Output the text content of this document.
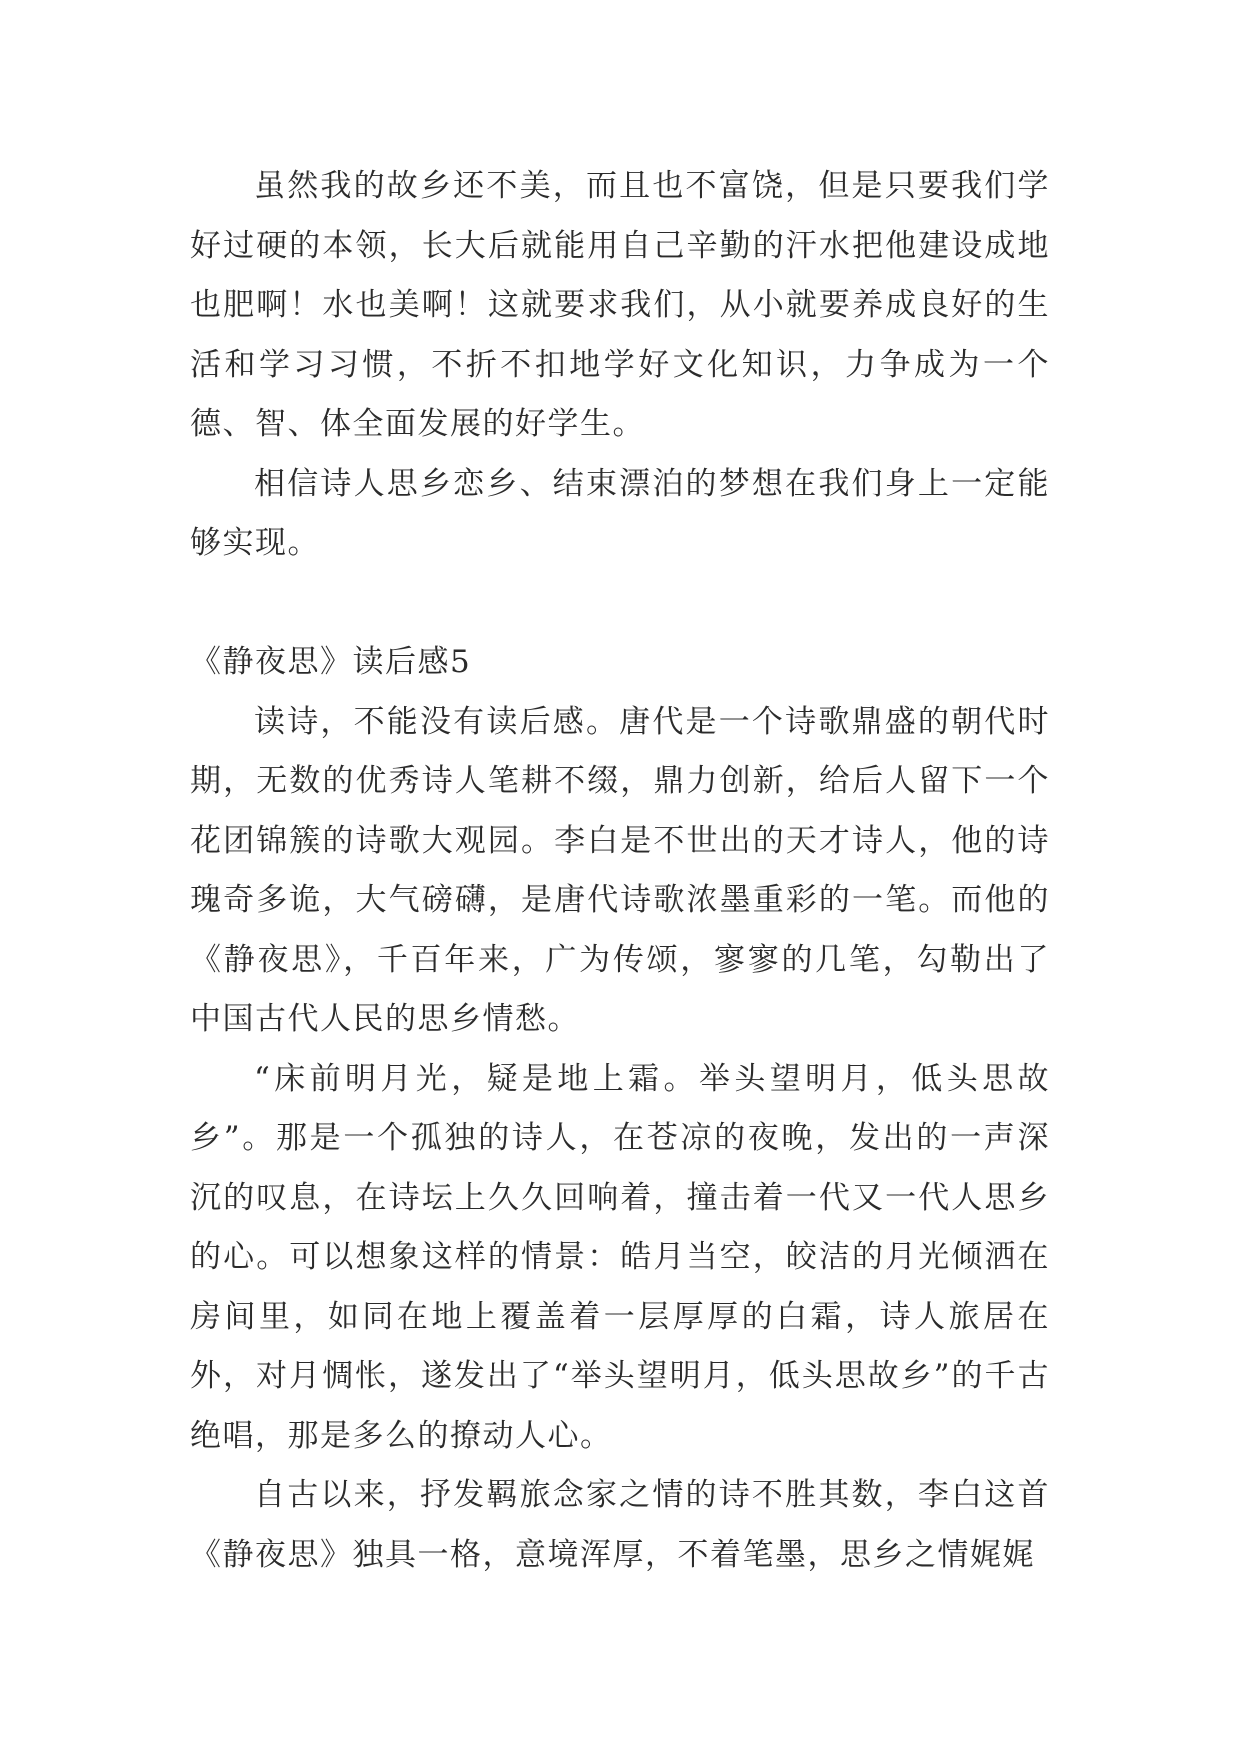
虽然我的故乡还不美，而且也不富饶，但是只要我们学好过硬的本领，长大后就能用自己辛勤的汗水把他建设成地也肥啊！水也美啊！这就要求我们，从小就要养成良好的生活和学习习惯，不折不扣地学好文化知识，力争成为一个德、智、体全面发展的好学生。

相信诗人思乡恋乡、结束漂泊的梦想在我们身上一定能够实现。

《静夜思》读后感5

读诗，不能没有读后感。唐代是一个诗歌鼎盛的朝代时期，无数的优秀诗人笔耕不缀，鼎力创新，给后人留下一个花团锦簇的诗歌大观园。李白是不世出的天才诗人，他的诗瑰奇多诡，大气磅礴，是唐代诗歌浓墨重彩的一笔。而他的《静夜思》，千百年来，广为传颂，寥寥的几笔，勾勒出了中国古代人民的思乡情愁。

“床前明月光，疑是地上霜。举头望明月，低头思故乡”。那是一个孤独的诗人，在苍凉的夜晚，发出的一声深沉的叹息，在诗坛上久久回响着，撞击着一代又一代人思乡的心。可以想象这样的情景：皓月当空，皎洁的月光倾洒在房间里，如同在地上覆盖着一层厚厚的白霜，诗人旅居在外，对月惆怅，遂发出了“举头望明月，低头思故乡”的千古绝唱，那是多么的撩动人心。

自古以来，抒发羁旅念家之情的诗不胜其数，李白这首《静夜思》独具一格，意境浑厚，不着笔墨，思乡之情娓娓
